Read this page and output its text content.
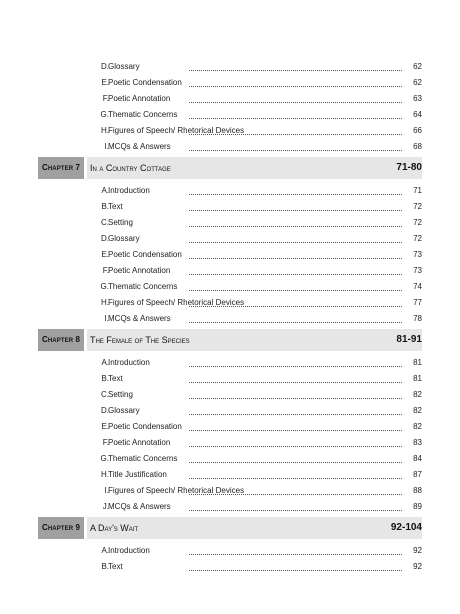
D. Glossary	62
E. Poetic Condensation	62
F. Poetic Annotation	63
G. Thematic Concerns	64
H. Figures of Speech/ Rhetorical Devices	66
I. MCQs & Answers	68
Chapter 7	In a Country Cottage	71-80
A. Introduction	71
B. Text	72
C. Setting	72
D. Glossary	72
E. Poetic Condensation	73
F. Poetic Annotation	73
G. Thematic Concerns	74
H. Figures of Speech/ Rhetorical Devices	77
I. MCQs & Answers	78
Chapter 8	The Female of The Species	81-91
A. Introduction	81
B. Text	81
C. Setting	82
D. Glossary	82
E. Poetic Condensation	82
F. Poetic Annotation	83
G. Thematic Concerns	84
H. Title Justification	87
I. Figures of Speech/ Rhetorical Devices	88
J. MCQs & Answers	89
Chapter 9	A Day's Wait	92-104
A. Introduction	92
B. Text	92
